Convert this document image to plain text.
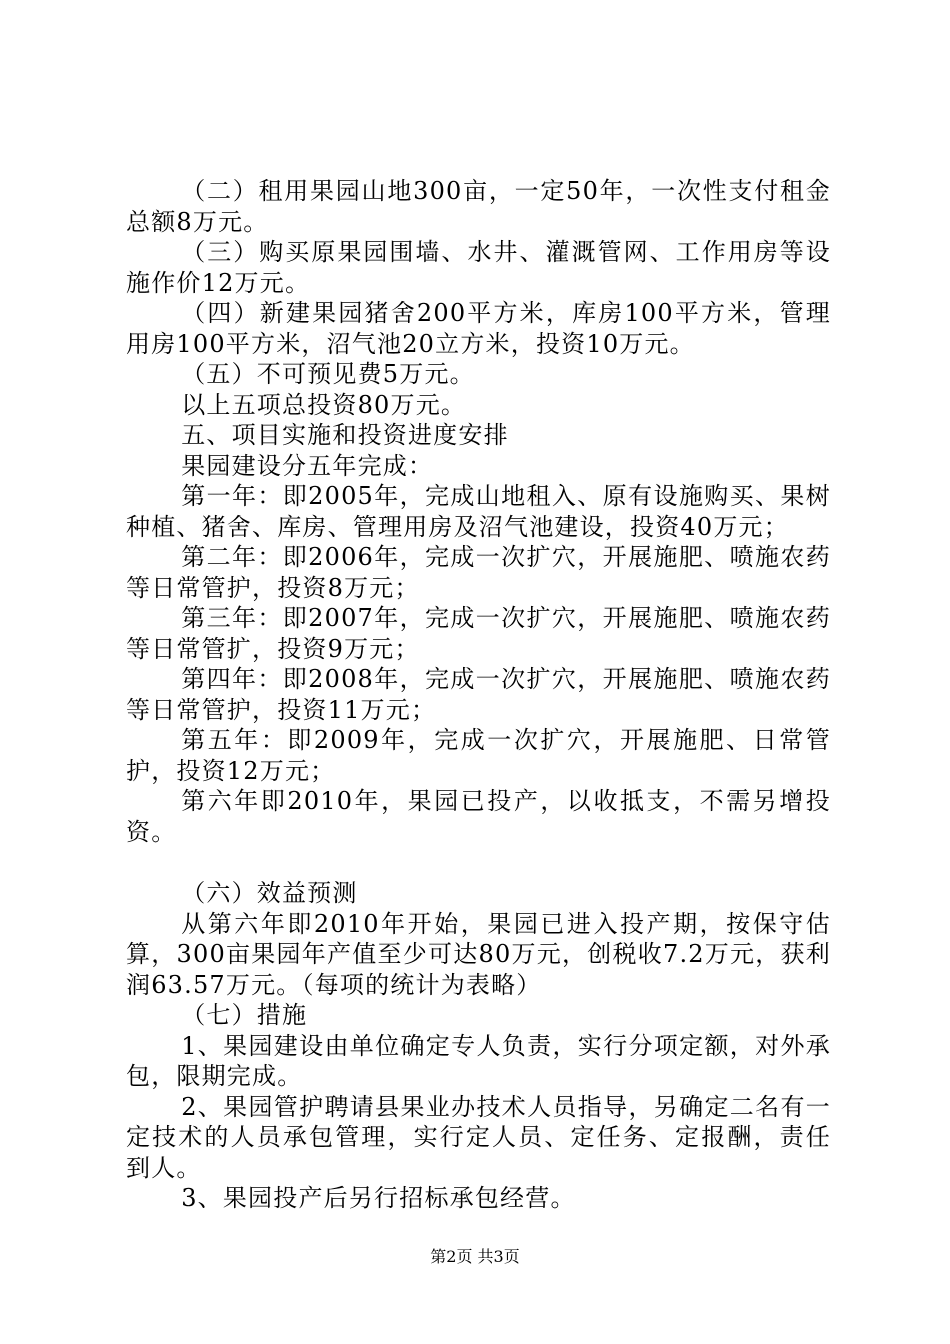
（二）租用果园山地300亩，一定50年，一次性支付租金总额8万元。

（三）购买原果园围墙、水井、灌溉管网、工作用房等设施作价12万元。

（四）新建果园猪舍200平方米，库房100平方米，管理用房100平方米，沼气池20立方米，投资10万元。

（五）不可预见费5万元。

以上五项总投资80万元。

五、项目实施和投资进度安排

果园建设分五年完成：

第一年：即2005年，完成山地租入、原有设施购买、果树种植、猪舍、库房、管理用房及沼气池建设，投资40万元；

第二年：即2006年，完成一次扩穴，开展施肥、喷施农药等日常管护，投资8万元；

第三年：即2007年，完成一次扩穴，开展施肥、喷施农药等日常管扩，投资9万元；

第四年：即2008年，完成一次扩穴，开展施肥、喷施农药等日常管护，投资11万元；

第五年：即2009年，完成一次扩穴，开展施肥、日常管护，投资12万元；

第六年即2010年，果园已投产，以收抵支，不需另增投资。

（六）效益预测

从第六年即2010年开始，果园已进入投产期，按保守估算，300亩果园年产值至少可达80万元，创税收7.2万元，获利润63.57万元。（每项的统计为表略）

（七）措施

1、果园建设由单位确定专人负责，实行分项定额，对外承包，限期完成。

2、果园管护聘请县果业办技术人员指导，另确定二名有一定技术的人员承包管理，实行定人员、定任务、定报酬，责任到人。

3、果园投产后另行招标承包经营。

第2页 共3页
